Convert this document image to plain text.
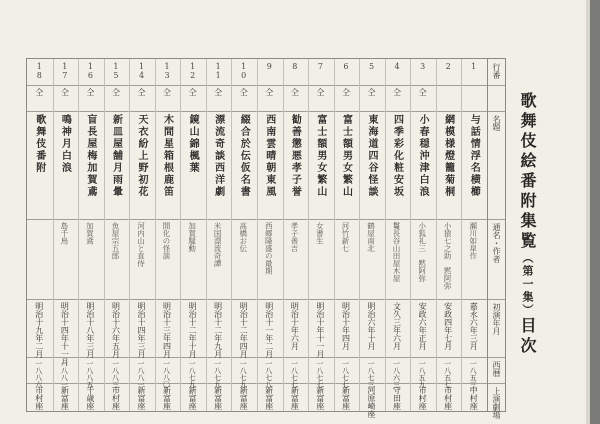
行番
名題
通名・作者
初演年月
西暦
上演劇場
1
与話情浮名横櫛
瀬川如皐作
嘉永六年三月
一八五三
中村座
2
網模様燈籠菊桐
小猿七之助　黙阿弥
安政四年七月
一八五七
市村座
3
仝
小春穏沖津白浪
小狐礼三　黙阿弥
安政六年正月
一八五九
市村座
4
仝
四季彩化粧安坂
鬘長谷山田屋木屋
文久三年六月
一八六三
守田座
5
仝
東海道四谷怪談
鶴屋南北
明治六年十月
一八七三
河原崎座
6
仝
富士額男女繁山
河竹新七
明治十年四月
一八七七
新富座
7
仝
富士額男女繁山
女書生
明治十年十一月
一八七七
新富座
8
仝
勧善懲悪孝子誉
孝子善吉
明治十年六月
一八七七
新富座
9
仝
西南雲晴朝東風
西郷隆盛の最期
明治十一年二月
一八七八
新富座
10
仝
綴合於伝仮名書
高橋お伝
明治十二年四月
一八七九
新富座
11
仝
漂流奇談西洋劇
米国漂流奇譚
明治十二年九月
一八七九
新富座
12
仝
鏡山錦楓葉
加賀騒動
明治十二年十月
一八七九
新富座
13
仝
木間星箱根鹿笛
開化の怪談
明治十三年四月
一八八〇
新富座
14
仝
天衣紛上野初花
河内山と直侍
明治十四年三月
一八八一
新富座
15
仝
新皿屋舗月雨暈
魚屋宗五郎
明治十六年五月
一八八三
市村座
16
仝
盲長屋梅加賀鳶
加賀鳶
明治十八年三月
一八八五
千歳座
17
仝
鳴神月白浪
島千鳥
明治十四年十一月
一八八一
新富座
18
仝
歌舞伎番附
明治十九年二月
一八八六
市村座
歌舞伎絵番附集覧（第一集）目次
